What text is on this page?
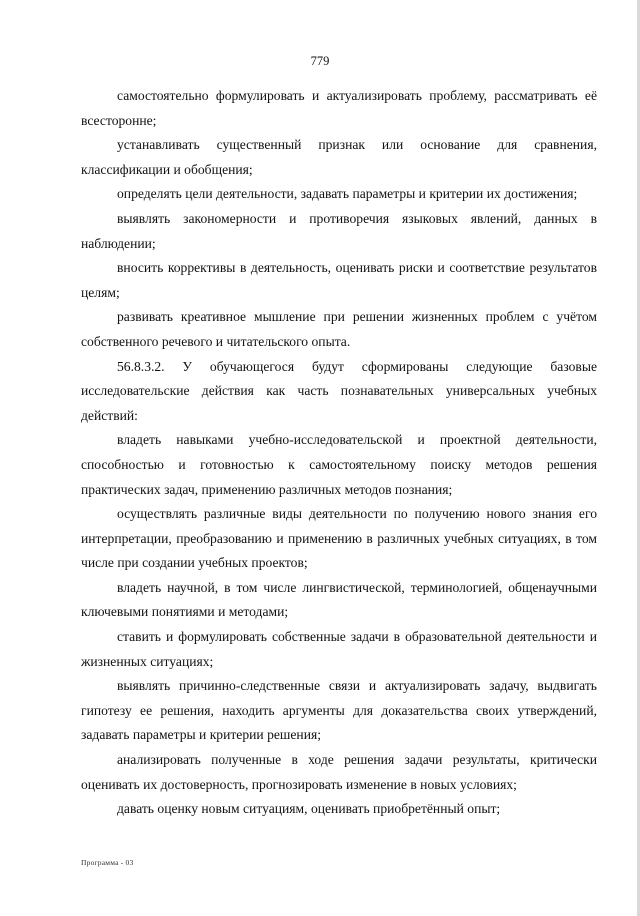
779

самостоятельно формулировать и актуализировать проблему, рассматривать её всесторонне;

устанавливать существенный признак или основание для сравнения, классификации и обобщения;

определять цели деятельности, задавать параметры и критерии их достижения;

выявлять закономерности и противоречия языковых явлений, данных в наблюдении;

вносить коррективы в деятельность, оценивать риски и соответствие результатов целям;

развивать креативное мышление при решении жизненных проблем с учётом собственного речевого и читательского опыта.

56.8.3.2. У обучающегося будут сформированы следующие базовые исследовательские действия как часть познавательных универсальных учебных действий:

владеть навыками учебно-исследовательской и проектной деятельности, способностью и готовностью к самостоятельному поиску методов решения практических задач, применению различных методов познания;

осуществлять различные виды деятельности по получению нового знания его интерпретации, преобразованию и применению в различных учебных ситуациях, в том числе при создании учебных проектов;

владеть научной, в том числе лингвистической, терминологией, общенаучными ключевыми понятиями и методами;

ставить и формулировать собственные задачи в образовательной деятельности и жизненных ситуациях;

выявлять причинно-следственные связи и актуализировать задачу, выдвигать гипотезу ее решения, находить аргументы для доказательства своих утверждений, задавать параметры и критерии решения;

анализировать полученные в ходе решения задачи результаты, критически оценивать их достоверность, прогнозировать изменение в новых условиях;

давать оценку новым ситуациям, оценивать приобретённый опыт;

Программа - 03
